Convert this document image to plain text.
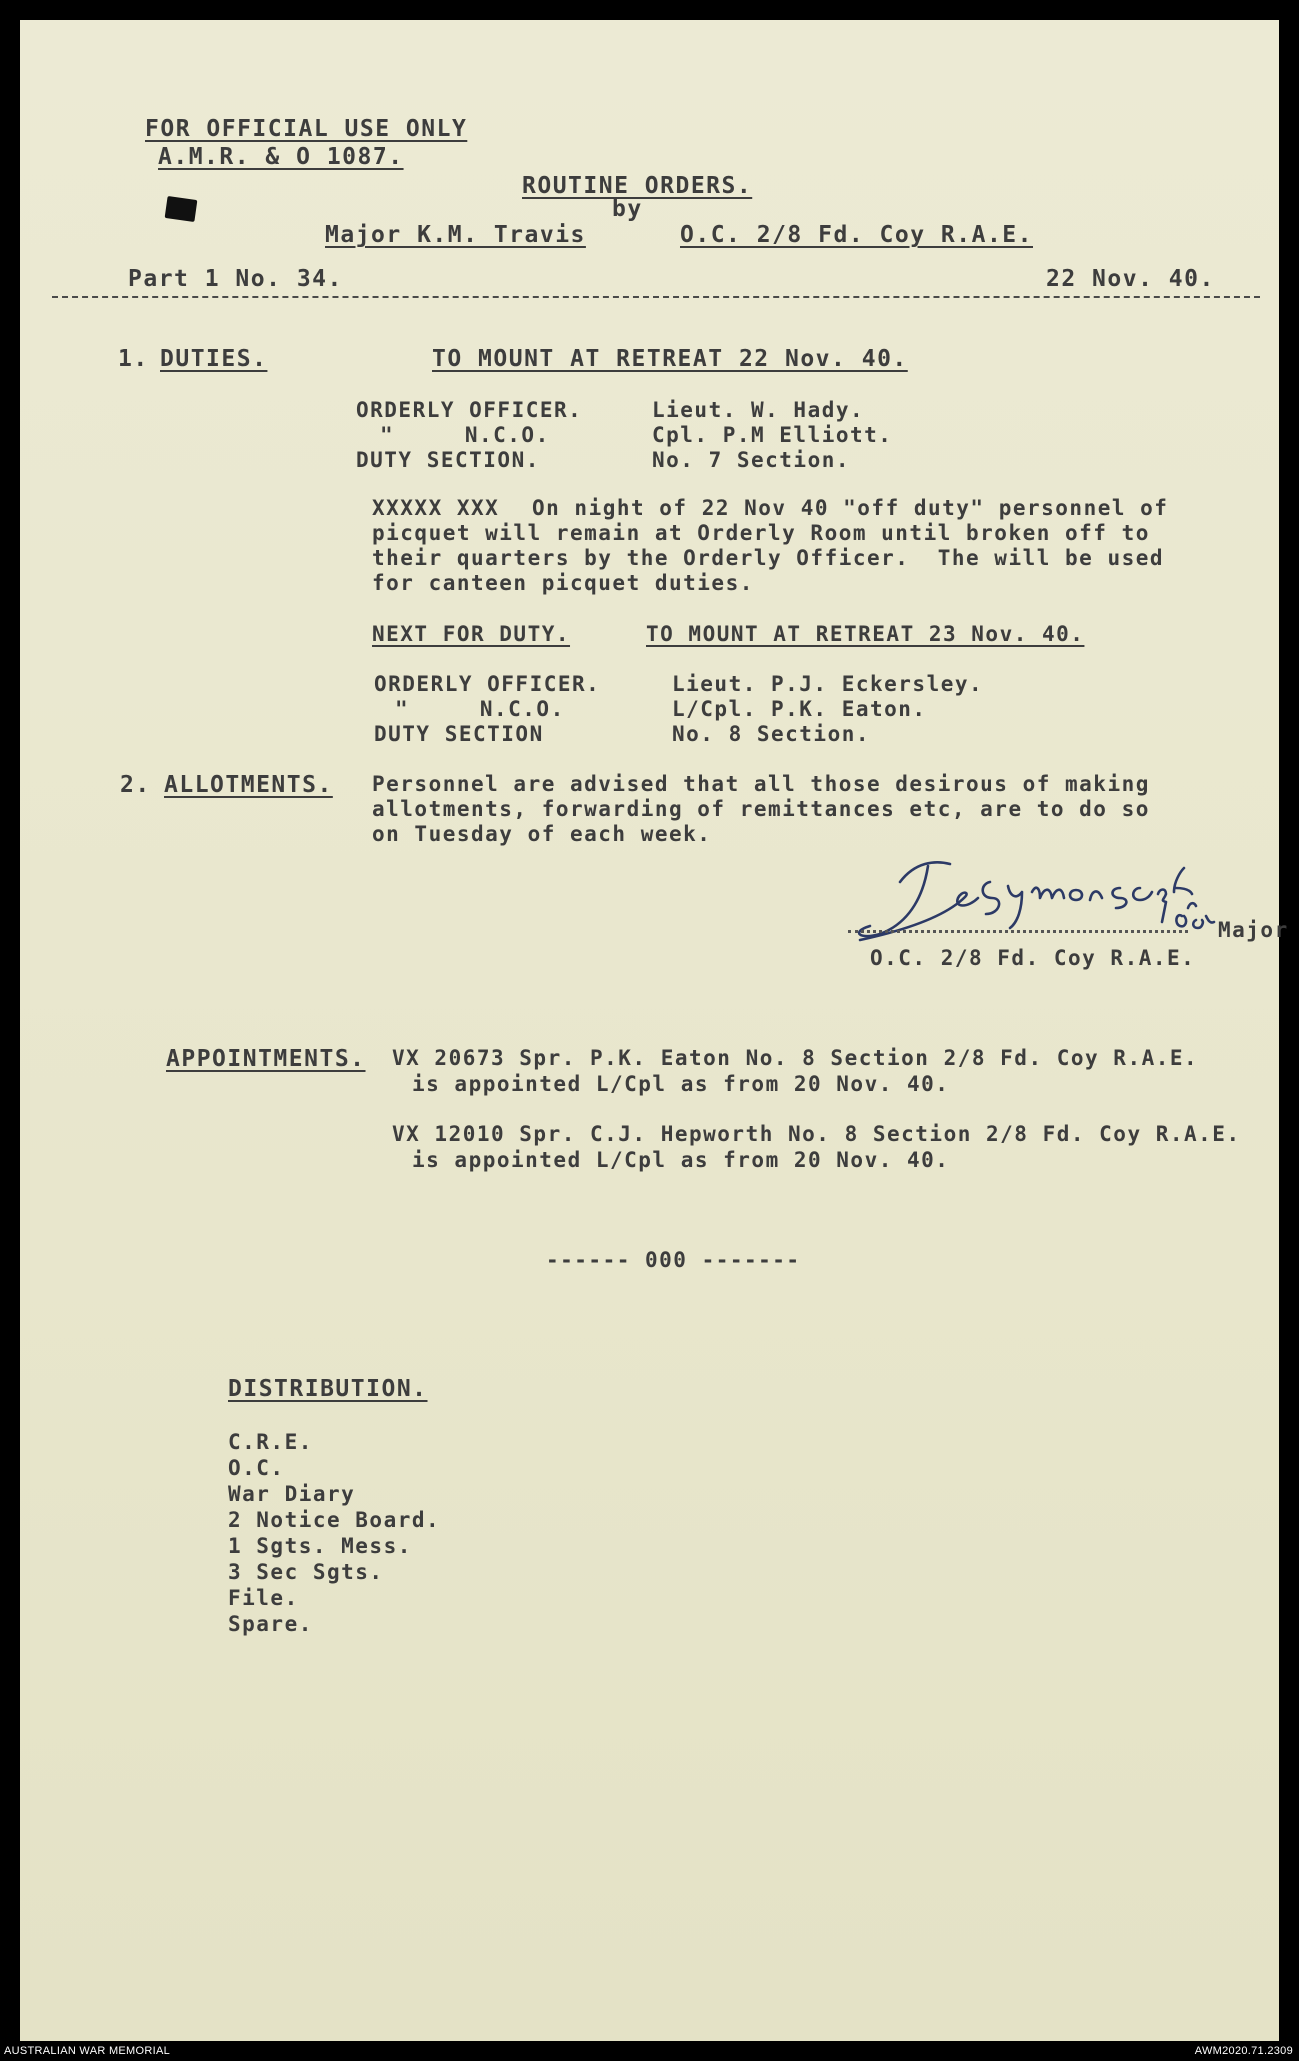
FOR OFFICIAL USE ONLY
A.M.R. & O 1087.
ROUTINE ORDERS.
by
Major K.M. Travis	O.C. 2/8 Fd. Coy R.A.E.
Part 1 No. 34.	22 Nov. 40.
1. DUTIES.	TO MOUNT AT RETREAT 22 Nov. 40.
ORDERLY OFFICER.	Lieut. W. Hady.
"     N.C.O.	Cpl. P.M Elliott.
DUTY SECTION.	No. 7 Section.
XXXXX XXX On night of 22 Nov 40 "off duty" personnel of
picquet will remain at Orderly Room until broken off to
their quarters by the Orderly Officer.  The will be used
for canteen picquet duties.
NEXT FOR DUTY.	TO MOUNT AT RETREAT 23 Nov. 40.
ORDERLY OFFICER.	Lieut. P.J. Eckersley.
"     N.C.O.	L/Cpl. P.K. Eaton.
DUTY SECTION	No. 8 Section.
2. ALLOTMENTS. Personnel are advised that all those desirous of making
allotments, forwarding of remittances etc, are to do so
on Tuesday of each week.
Major
O.C. 2/8 Fd. Coy R.A.E.
APPOINTMENTS. VX 20673 Spr. P.K. Eaton No. 8 Section 2/8 Fd. Coy R.A.E.
is appointed L/Cpl as from 20 Nov. 40.
VX 12010 Spr. C.J. Hepworth No. 8 Section 2/8 Fd. Coy R.A.E.
is appointed L/Cpl as from 20 Nov. 40.
------ 000 -------
DISTRIBUTION.
C.R.E.
O.C.
War Diary
2 Notice Board.
1 Sgts. Mess.
3 Sec Sgts.
File.
Spare.
AUSTRALIAN WAR MEMORIAL	AWM2020.71.2309
